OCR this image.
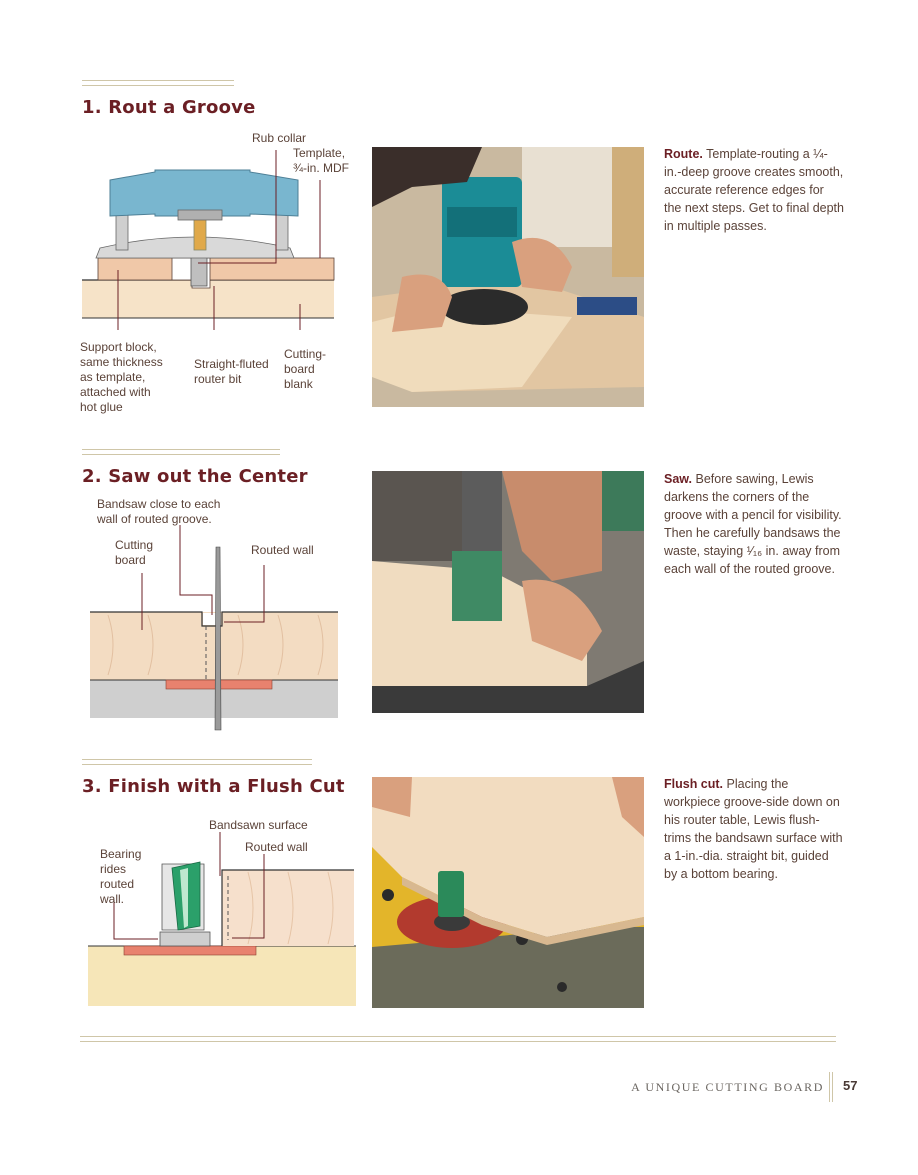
1. Rout a Groove
Rub collar
Template,
¾-in. MDF
Support block,
same thickness
as template,
attached with
hot glue
Straight-fluted
router bit
Cutting-
board
blank
Route. Template-routing a ¼-in.-deep groove creates smooth, accurate reference edges for the next steps. Get to final depth in multiple passes.
2. Saw out the Center
Bandsaw close to each
wall of routed groove.
Cutting
board
Routed wall
Saw. Before sawing, Lewis darkens the corners of the groove with a pencil for visibility. Then he carefully bandsaws the waste, staying ¹⁄₁₆ in. away from each wall of the routed groove.
3. Finish with a Flush Cut
Bandsawn surface
Routed wall
Bearing
rides
routed
wall.
Flush cut. Placing the workpiece groove-side down on his router table, Lewis flush-trims the bandsawn surface with a 1-in.-dia. straight bit, guided by a bottom bearing.
A UNIQUE CUTTING BOARD 57
